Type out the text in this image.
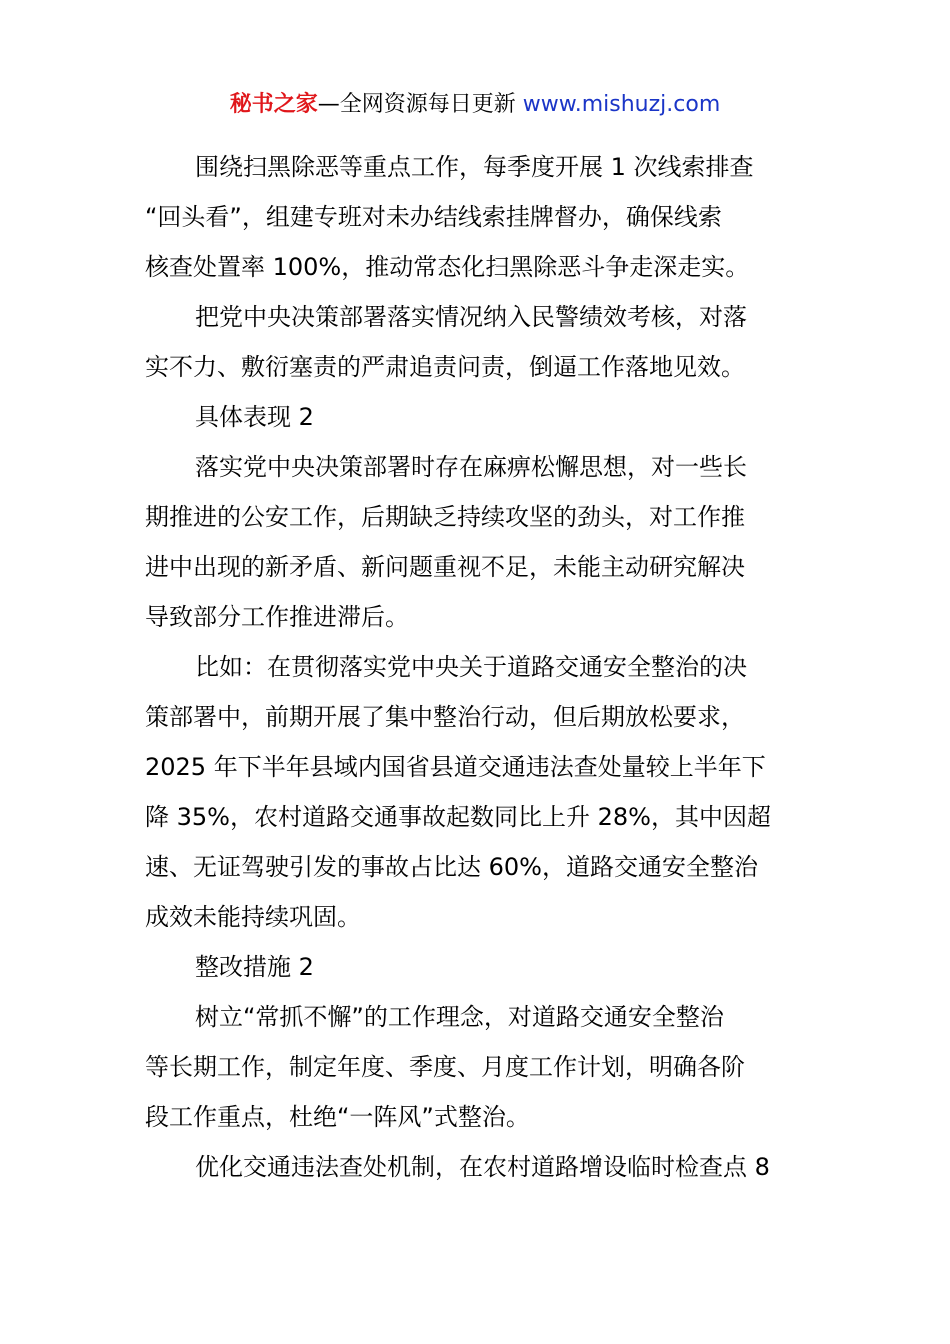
秘书之家—全网资源每日更新 www.mishuzj.com
围绕扫黑除恶等重点工作，每季度开展 1 次线索排查
“回头看”，组建专班对未办结线索挂牌督办，确保线索
核查处置率 100%，推动常态化扫黑除恶斗争走深走实。
把党中央决策部署落实情况纳入民警绩效考核，对落
实不力、敷衍塞责的严肃追责问责，倒逼工作落地见效。
具体表现 2
落实党中央决策部署时存在麻痹松懈思想，对一些长
期推进的公安工作，后期缺乏持续攻坚的劲头，对工作推
进中出现的新矛盾、新问题重视不足，未能主动研究解决
导致部分工作推进滞后。
比如：在贯彻落实党中央关于道路交通安全整治的决
策部署中，前期开展了集中整治行动，但后期放松要求，
2025 年下半年县域内国省县道交通违法查处量较上半年下
降 35%，农村道路交通事故起数同比上升 28%，其中因超
速、无证驾驶引发的事故占比达 60%，道路交通安全整治
成效未能持续巩固。
整改措施 2
树立“常抓不懈”的工作理念，对道路交通安全整治
等长期工作，制定年度、季度、月度工作计划，明确各阶
段工作重点，杜绝“一阵风”式整治。
优化交通违法查处机制，在农村道路增设临时检查点 8
